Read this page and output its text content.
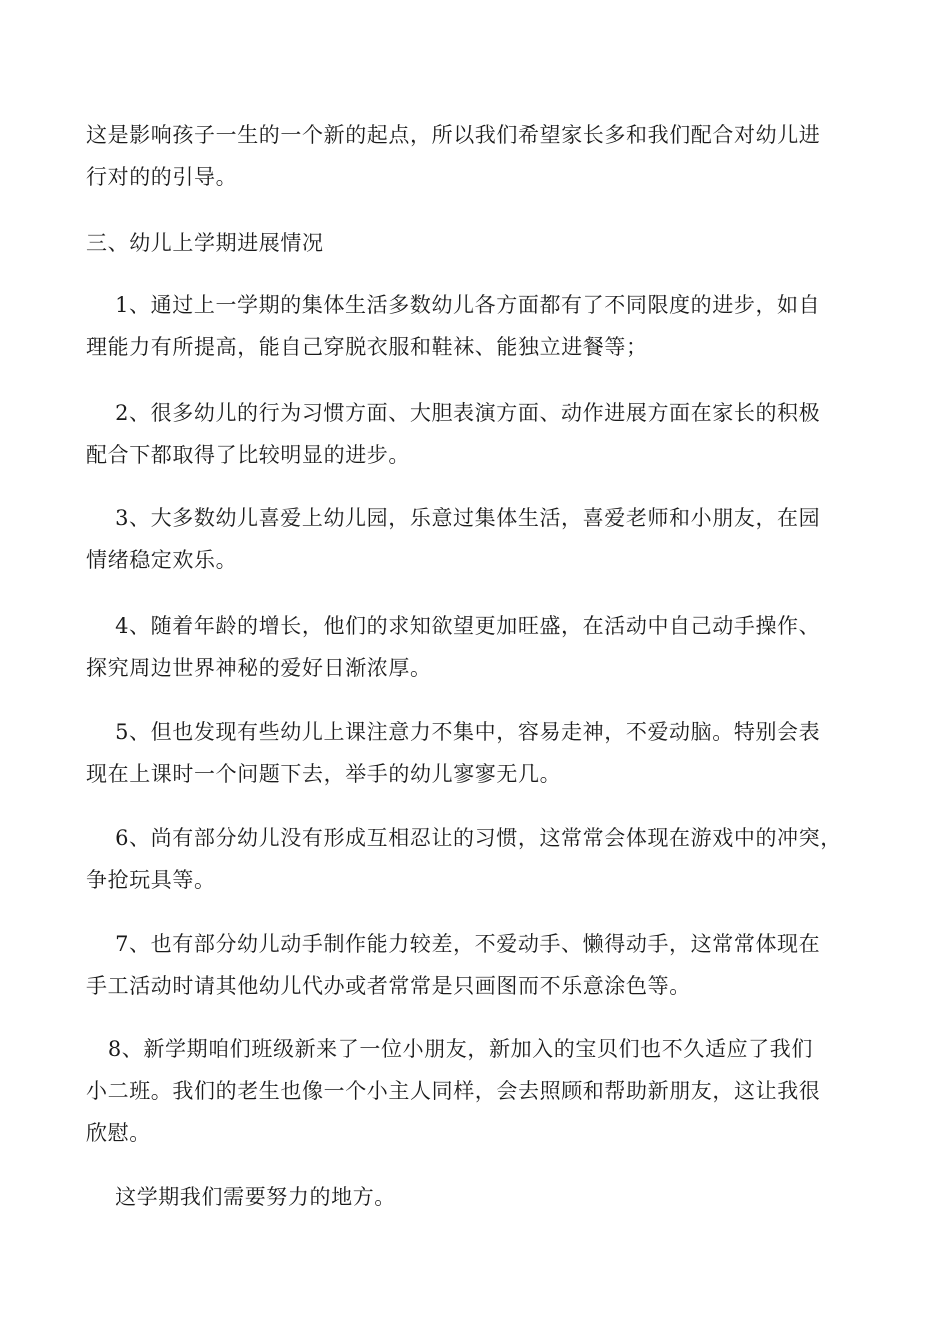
这是影响孩子一生的一个新的起点，所以我们希望家长多和我们配合对幼儿进
行对的的引导。

三、幼儿上学期进展情况

1、通过上一学期的集体生活多数幼儿各方面都有了不同限度的进步，如自
理能力有所提高，能自己穿脱衣服和鞋袜、能独立进餐等；

2、很多幼儿的行为习惯方面、大胆表演方面、动作进展方面在家长的积极
配合下都取得了比较明显的进步。

3、大多数幼儿喜爱上幼儿园，乐意过集体生活，喜爱老师和小朋友，在园
情绪稳定欢乐。

4、随着年龄的增长，他们的求知欲望更加旺盛，在活动中自己动手操作、
探究周边世界神秘的爱好日渐浓厚。

5、但也发现有些幼儿上课注意力不集中，容易走神，不爱动脑。特别会表
现在上课时一个问题下去，举手的幼儿寥寥无几。

6、尚有部分幼儿没有形成互相忍让的习惯，这常常会体现在游戏中的冲突，
争抢玩具等。

7、也有部分幼儿动手制作能力较差，不爱动手、懒得动手，这常常体现在
手工活动时请其他幼儿代办或者常常是只画图而不乐意涂色等。

8、新学期咱们班级新来了一位小朋友，新加入的宝贝们也不久适应了我们
小二班。我们的老生也像一个小主人同样，会去照顾和帮助新朋友，这让我很
欣慰。

这学期我们需要努力的地方。
